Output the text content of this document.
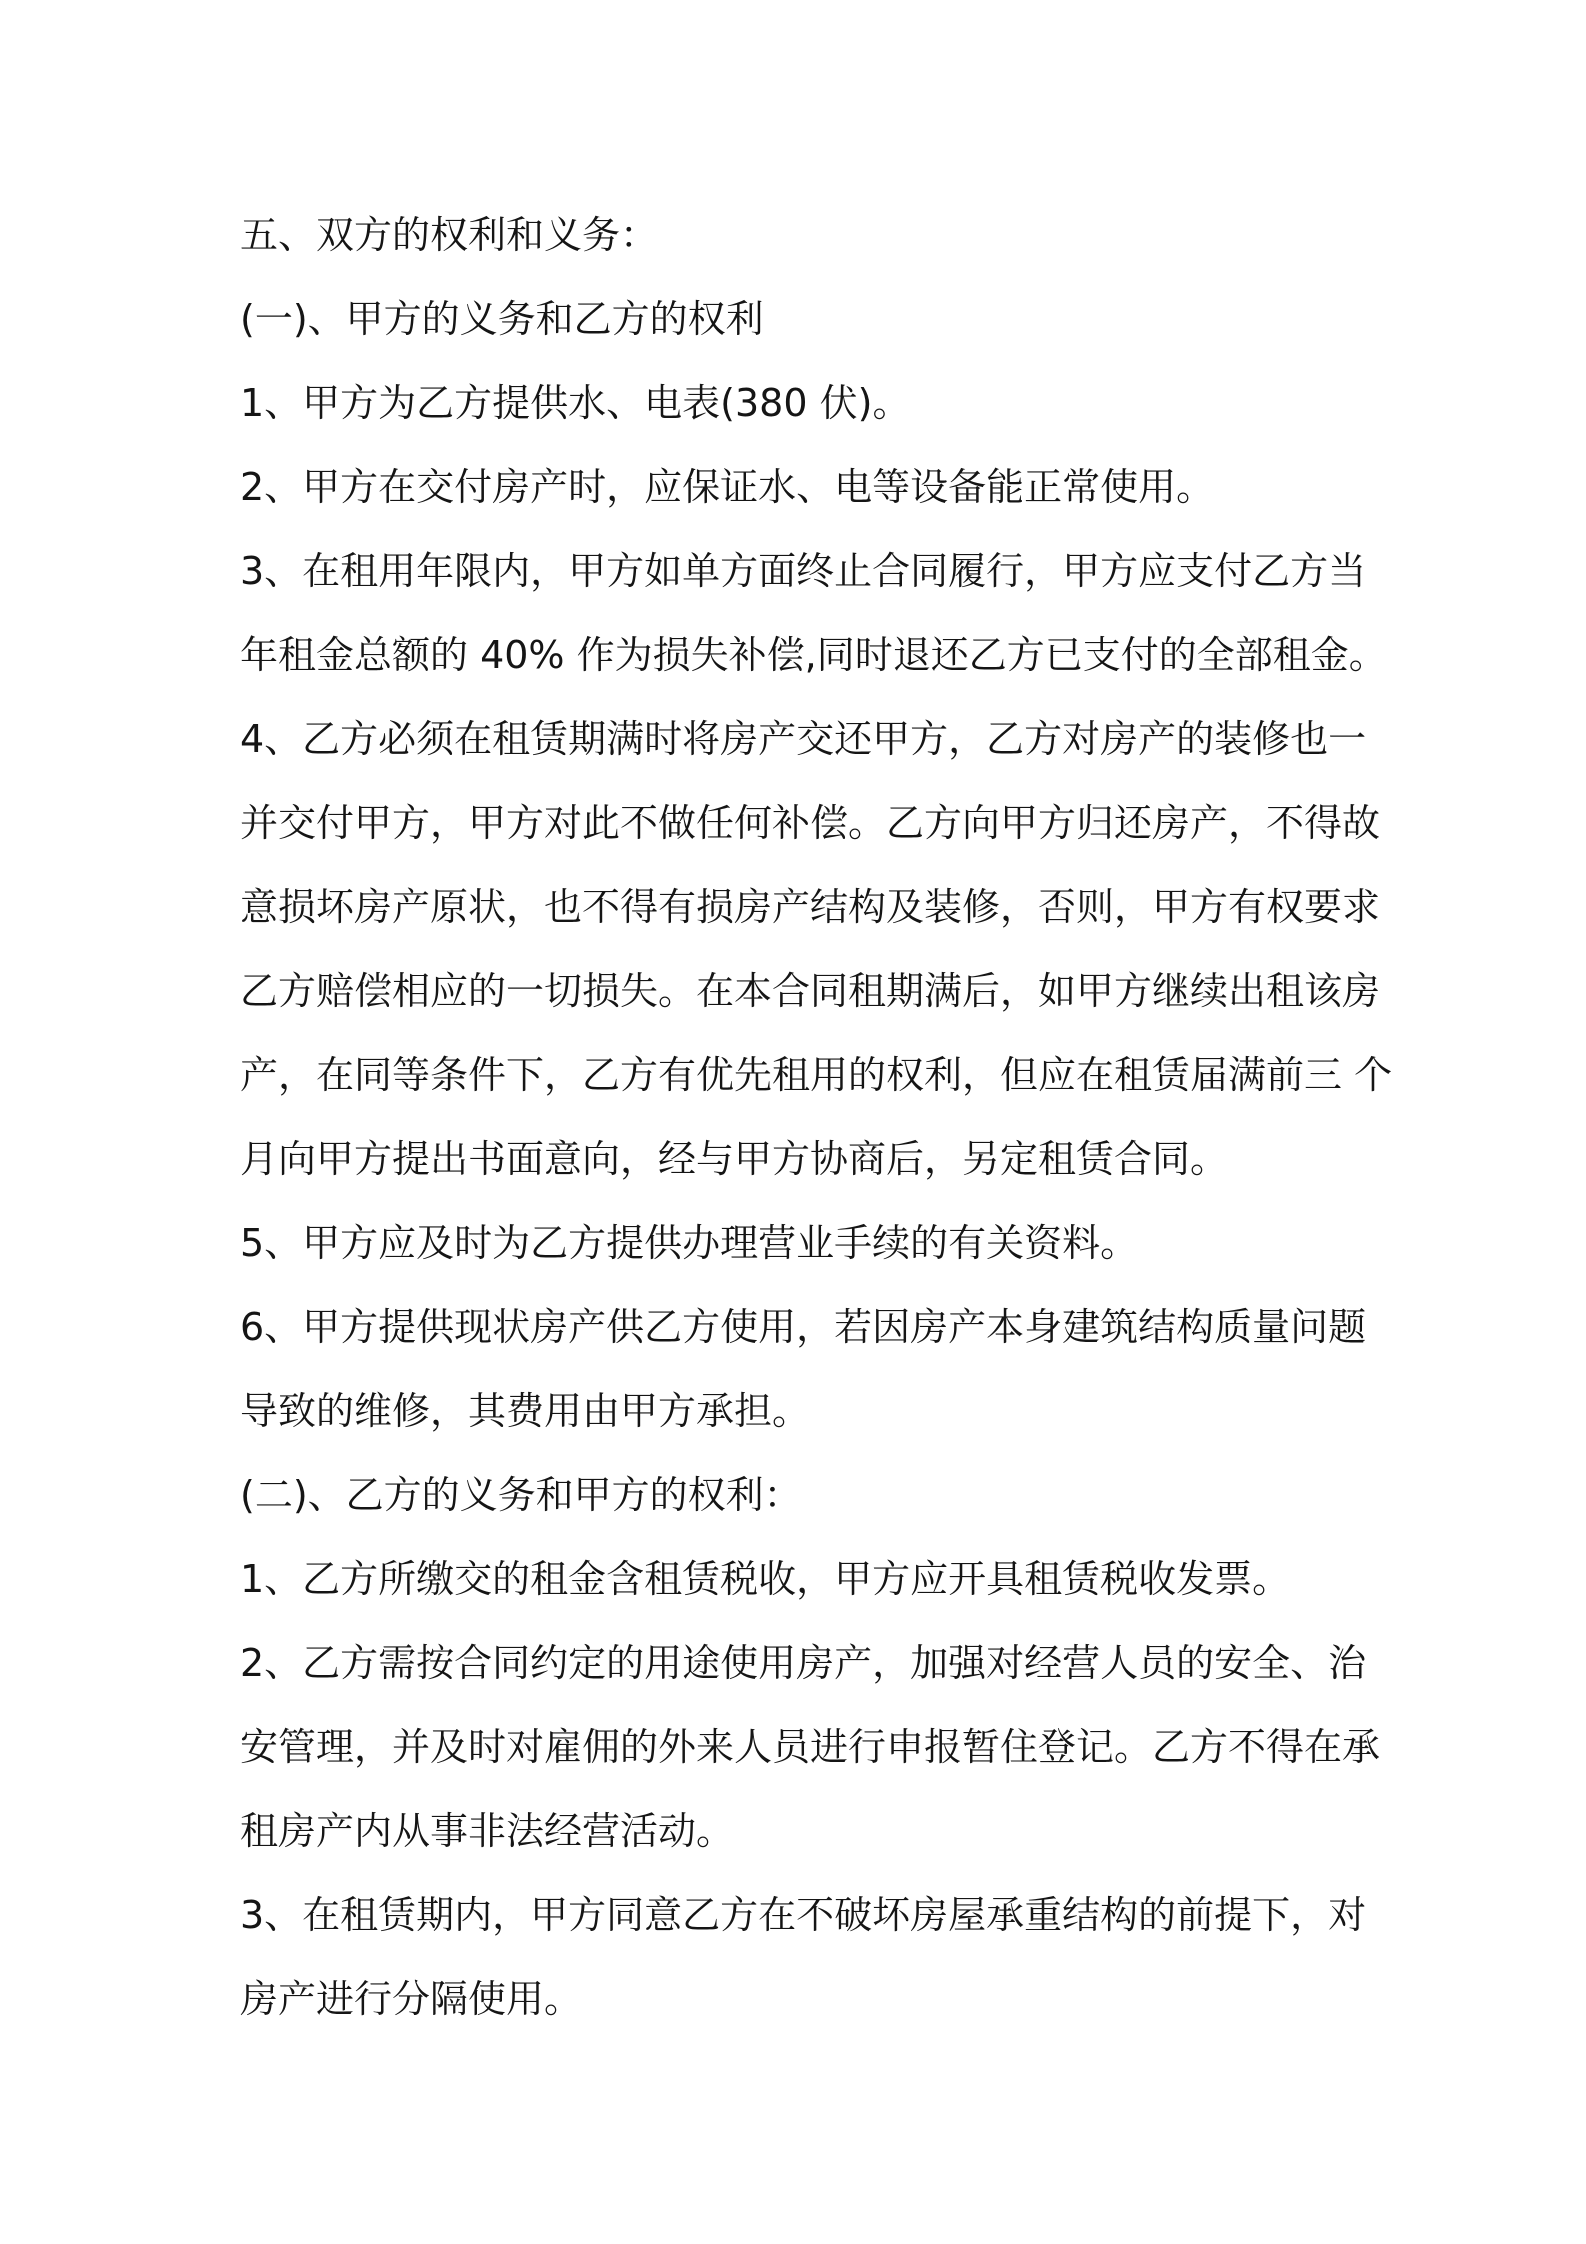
五、双方的权利和义务：
(一)、甲方的义务和乙方的权利
1、甲方为乙方提供水、电表(380 伏)。
2、甲方在交付房产时，应保证水、电等设备能正常使用。
3、在租用年限内，甲方如单方面终止合同履行，甲方应支付乙方当
年租金总额的 40% 作为损失补偿,同时退还乙方已支付的全部租金。
4、乙方必须在租赁期满时将房产交还甲方，乙方对房产的装修也一
并交付甲方，甲方对此不做任何补偿。乙方向甲方归还房产，不得故
意损坏房产原状，也不得有损房产结构及装修，否则，甲方有权要求
乙方赔偿相应的一切损失。在本合同租期满后，如甲方继续出租该房
产，在同等条件下，乙方有优先租用的权利，但应在租赁届满前三 个
月向甲方提出书面意向，经与甲方协商后，另定租赁合同。
5、甲方应及时为乙方提供办理营业手续的有关资料。
6、甲方提供现状房产供乙方使用，若因房产本身建筑结构质量问题
导致的维修，其费用由甲方承担。
(二)、乙方的义务和甲方的权利：
1、乙方所缴交的租金含租赁税收，甲方应开具租赁税收发票。
2、乙方需按合同约定的用途使用房产，加强对经营人员的安全、治
安管理，并及时对雇佣的外来人员进行申报暂住登记。乙方不得在承
租房产内从事非法经营活动。
3、在租赁期内，甲方同意乙方在不破坏房屋承重结构的前提下，对
房产进行分隔使用。
